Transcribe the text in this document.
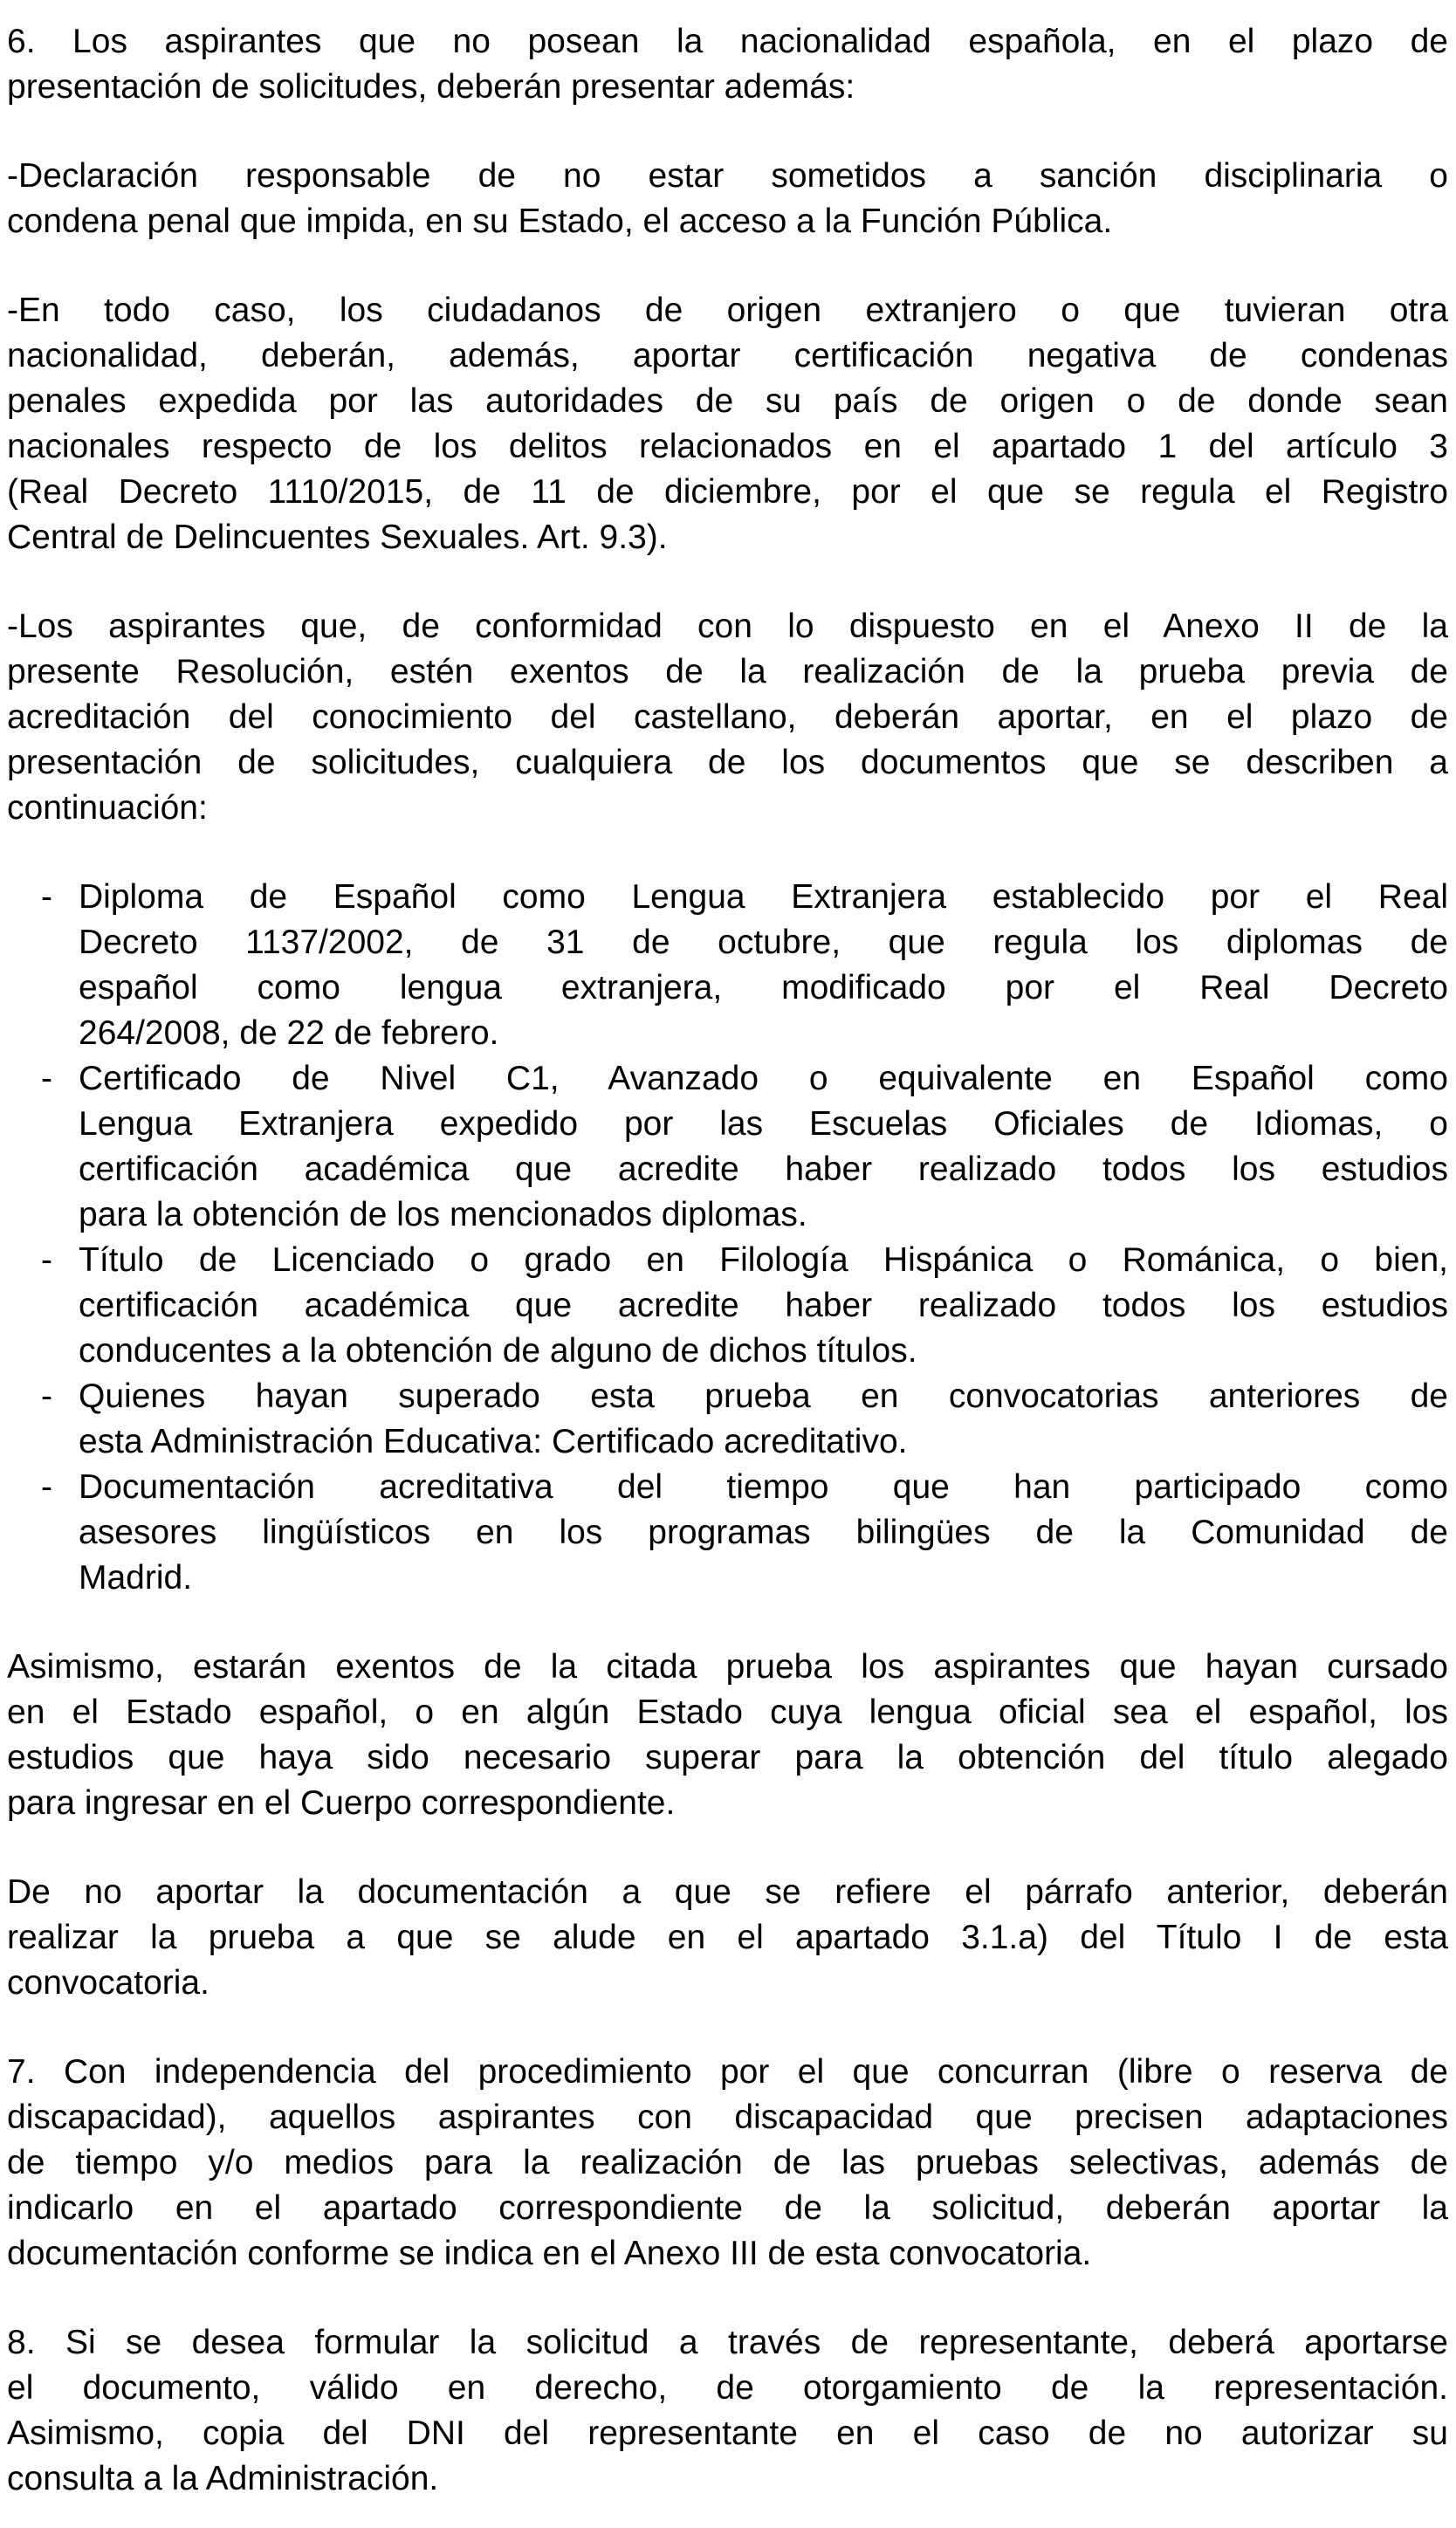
6. Los aspirantes que no posean la nacionalidad española, en el plazo de
presentación de solicitudes, deberán presentar además:
-Declaración responsable de no estar sometidos a sanción disciplinaria o
condena penal que impida, en su Estado, el acceso a la Función Pública.
-En todo caso, los ciudadanos de origen extranjero o que tuvieran otra
nacionalidad, deberán, además, aportar certificación negativa de condenas
penales expedida por las autoridades de su país de origen o de donde sean
nacionales respecto de los delitos relacionados en el apartado 1 del artículo 3
(Real Decreto 1110/2015, de 11 de diciembre, por el que se regula el Registro
Central de Delincuentes Sexuales. Art. 9.3).
-Los aspirantes que, de conformidad con lo dispuesto en el Anexo II de la
presente Resolución, estén exentos de la realización de la prueba previa de
acreditación del conocimiento del castellano, deberán aportar, en el plazo de
presentación de solicitudes, cualquiera de los documentos que se describen a
continuación:
- Diploma de Español como Lengua Extranjera establecido por el Real
Decreto 1137/2002, de 31 de octubre, que regula los diplomas de
español como lengua extranjera, modificado por el Real Decreto
264/2008, de 22 de febrero.
- Certificado de Nivel C1, Avanzado o equivalente en Español como
Lengua Extranjera expedido por las Escuelas Oficiales de Idiomas, o
certificación académica que acredite haber realizado todos los estudios
para la obtención de los mencionados diplomas.
- Título de Licenciado o grado en Filología Hispánica o Románica, o bien,
certificación académica que acredite haber realizado todos los estudios
conducentes a la obtención de alguno de dichos títulos.
- Quienes hayan superado esta prueba en convocatorias anteriores de
esta Administración Educativa: Certificado acreditativo.
- Documentación acreditativa del tiempo que han participado como
asesores lingüísticos en los programas bilingües de la Comunidad de
Madrid.
Asimismo, estarán exentos de la citada prueba los aspirantes que hayan cursado
en el Estado español, o en algún Estado cuya lengua oficial sea el español, los
estudios que haya sido necesario superar para la obtención del título alegado
para ingresar en el Cuerpo correspondiente.
De no aportar la documentación a que se refiere el párrafo anterior, deberán
realizar la prueba a que se alude en el apartado 3.1.a) del Título I de esta
convocatoria.
7. Con independencia del procedimiento por el que concurran (libre o reserva de
discapacidad), aquellos aspirantes con discapacidad que precisen adaptaciones
de tiempo y/o medios para la realización de las pruebas selectivas, además de
indicarlo en el apartado correspondiente de la solicitud, deberán aportar la
documentación conforme se indica en el Anexo III de esta convocatoria.
8. Si se desea formular la solicitud a través de representante, deberá aportarse
el documento, válido en derecho, de otorgamiento de la representación.
Asimismo, copia del DNI del representante en el caso de no autorizar su
consulta a la Administración.
